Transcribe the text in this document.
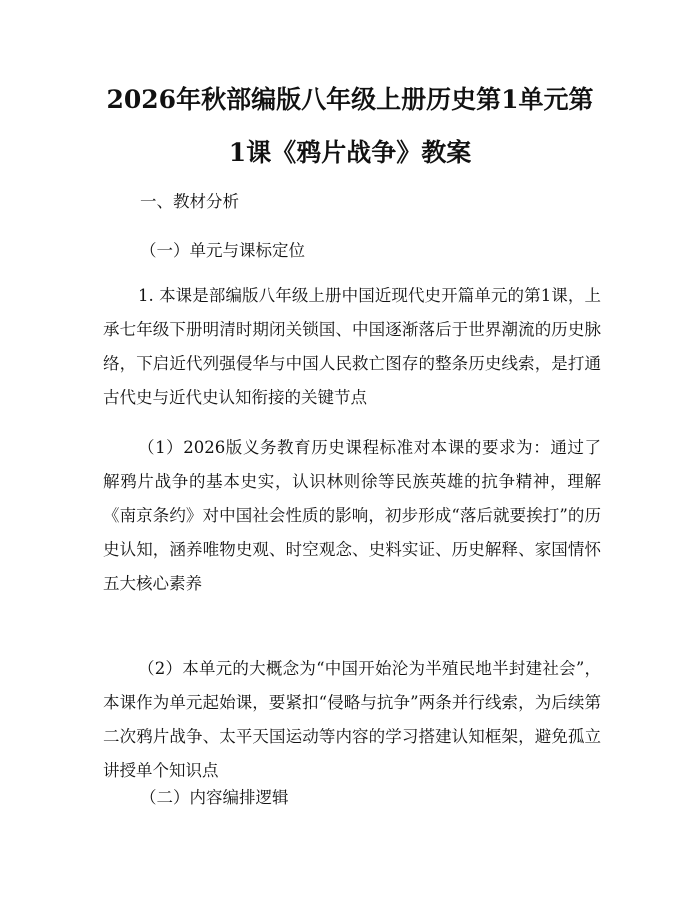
2026年秋部编版八年级上册历史第1单元第
1课《鸦片战争》教案

一、教材分析

（一）单元与课标定位

1. 本课是部编版八年级上册中国近现代史开篇单元的第1课，上承七年级下册明清时期闭关锁国、中国逐渐落后于世界潮流的历史脉络，下启近代列强侵华与中国人民救亡图存的整条历史线索，是打通古代史与近代史认知衔接的关键节点

（1）2026版义务教育历史课程标准对本课的要求为：通过了解鸦片战争的基本史实，认识林则徐等民族英雄的抗争精神，理解《南京条约》对中国社会性质的影响，初步形成“落后就要挨打”的历史认知，涵养唯物史观、时空观念、史料实证、历史解释、家国情怀五大核心素养

（2）本单元的大概念为“中国开始沦为半殖民地半封建社会”，本课作为单元起始课，要紧扣“侵略与抗争”两条并行线索，为后续第二次鸦片战争、太平天国运动等内容的学习搭建认知框架，避免孤立讲授单个知识点

（二）内容编排逻辑
